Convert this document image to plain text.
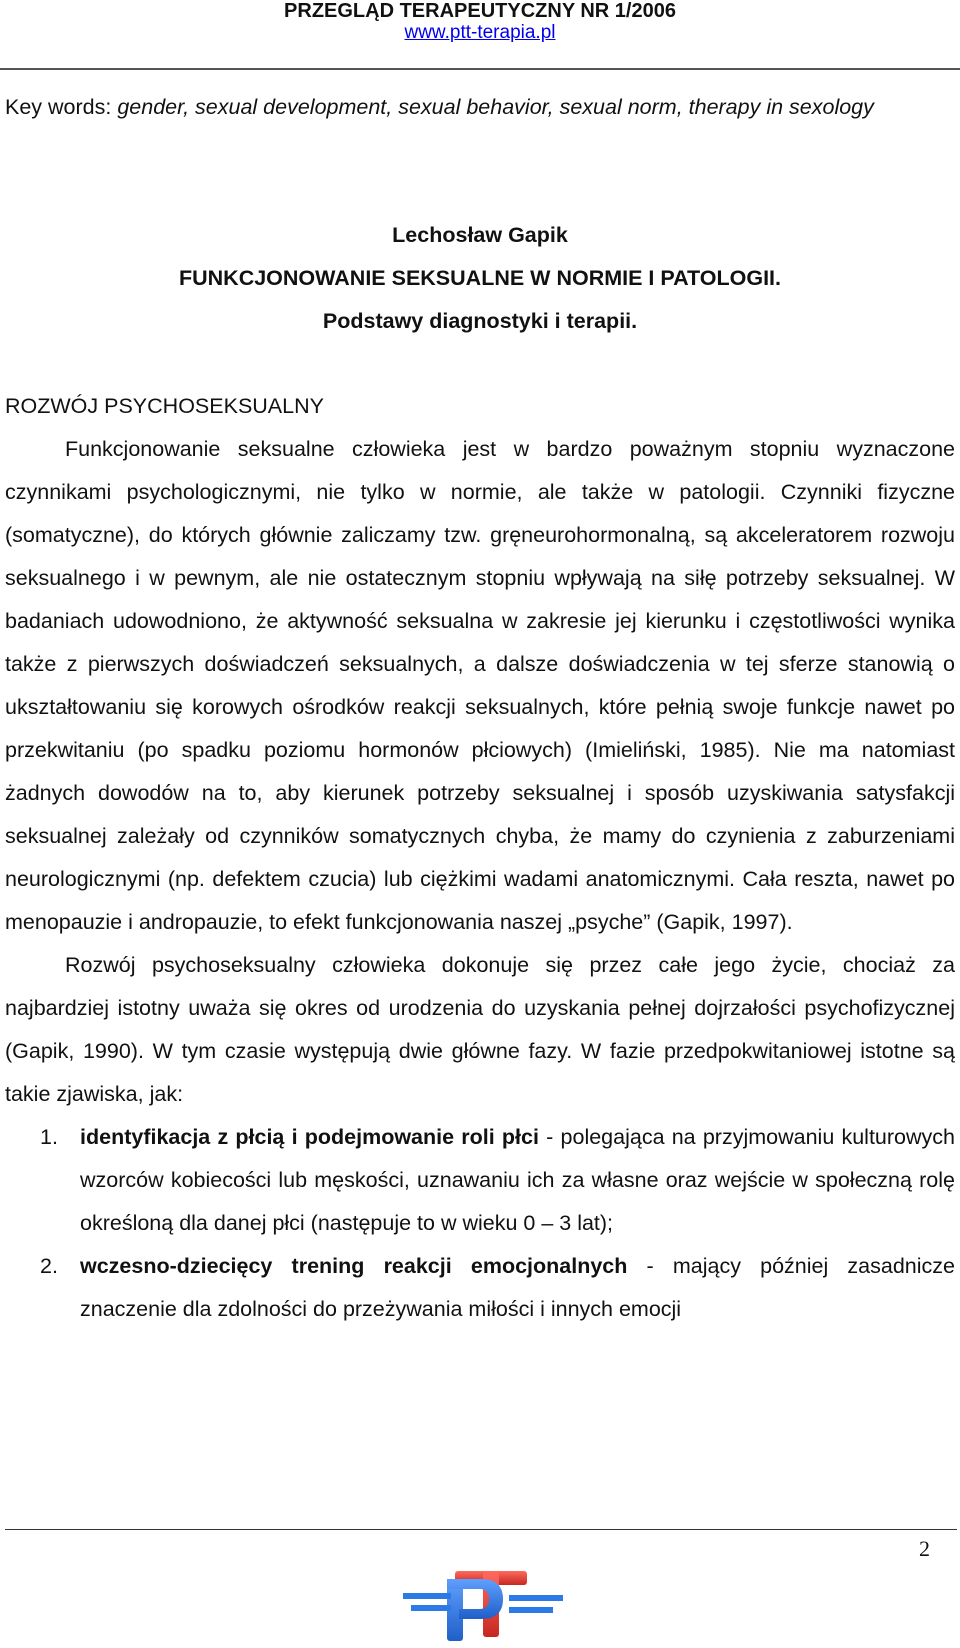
PRZEGLĄD TERAPEUTYCZNY NR 1/2006
www.ptt-terapia.pl
Key words: gender, sexual development, sexual behavior, sexual norm, therapy in sexology
Lechosław Gapik
FUNKCJONOWANIE SEKSUALNE W NORMIE I PATOLOGII.
Podstawy diagnostyki i terapii.
ROZWÓJ PSYCHOSEKSUALNY

Funkcjonowanie seksualne człowieka jest w bardzo poważnym stopniu wyznaczone czynnikami psychologicznymi, nie tylko w normie, ale także w patologii. Czynniki fizyczne (somatyczne), do których głównie zaliczamy tzw. gręneurohormonalną, są akceleratorem rozwoju seksualnego i w pewnym, ale nie ostatecznym stopniu wpływają na siłę potrzeby seksualnej. W badaniach udowodniono, że aktywność seksualna w zakresie jej kierunku i częstotliwości wynika także z pierwszych doświadczeń seksualnych, a dalsze doświadczenia w tej sferze stanowią o ukształtowaniu się korowych ośrodków reakcji seksualnych, które pełnią swoje funkcje nawet po przekwitaniu (po spadku poziomu hormonów płciowych) (Imieliński, 1985). Nie ma natomiast żadnych dowodów na to, aby kierunek potrzeby seksualnej i sposób uzyskiwania satysfakcji seksualnej zależały od czynników somatycznych chyba, że mamy do czynienia z zaburzeniami neurologicznymi (np. defektem czucia) lub ciężkimi wadami anatomicznymi. Cała reszta, nawet po menopauzie i andropauzie, to efekt funkcjonowania naszej „psyche” (Gapik, 1997).

Rozwój psychoseksualny człowieka dokonuje się przez całe jego życie, chociaż za najbardziej istotny uważa się okres od urodzenia do uzyskania pełnej dojrzałości psychofizycznej (Gapik, 1990). W tym czasie występują dwie główne fazy. W fazie przedpokwitaniowej istotne są takie zjawiska, jak:

1. identyfikacja z płcią i podejmowanie roli płci - polegająca na przyjmowaniu kulturowych wzorców kobiecości lub męskości, uznawaniu ich za własne oraz wejście w społeczną rolę określoną dla danej płci (następuje to w wieku 0 – 3 lat);
2. wczesno-dziecięcy trening reakcji emocjonalnych - mający później zasadnicze znaczenie dla zdolności do przeżywania miłości i innych emocji
2
